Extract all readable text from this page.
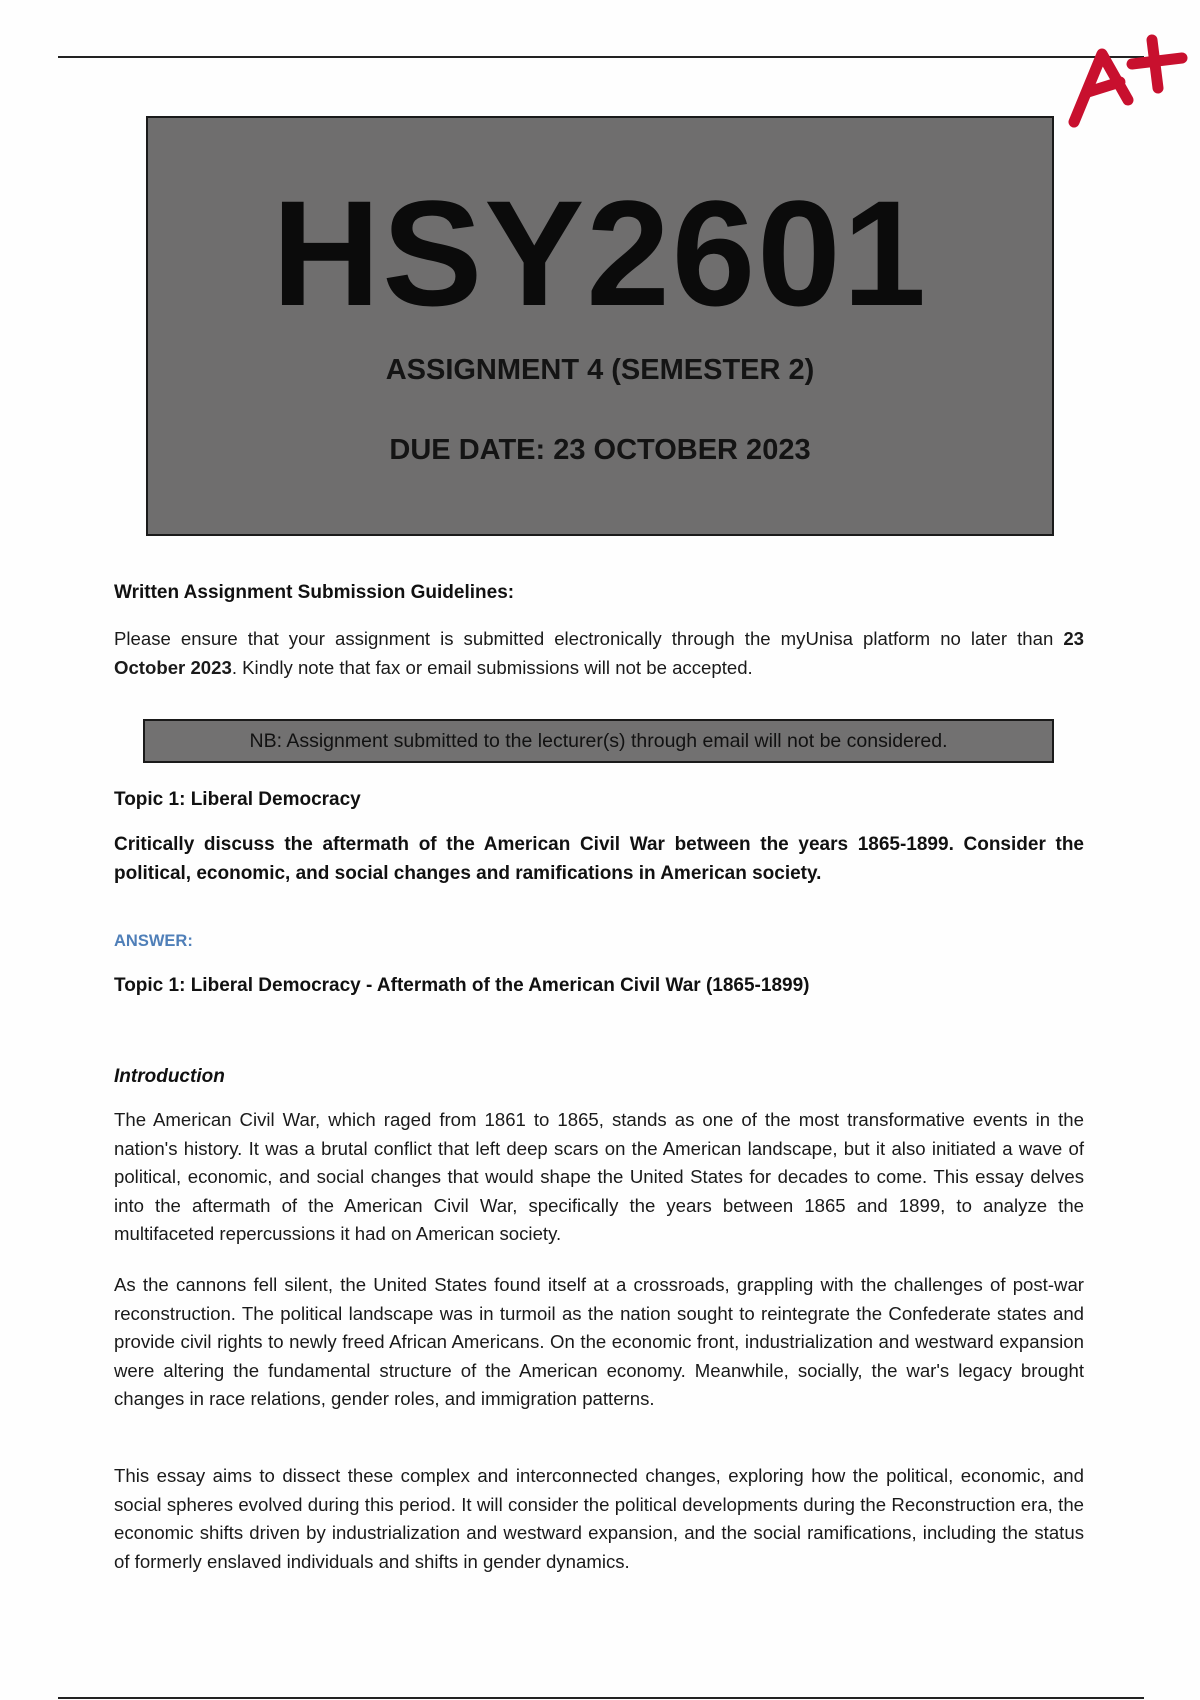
HSY2601
ASSIGNMENT 4 (SEMESTER 2)
DUE DATE: 23 OCTOBER 2023
Written Assignment Submission Guidelines:
Please ensure that your assignment is submitted electronically through the myUnisa platform no later than 23 October 2023. Kindly note that fax or email submissions will not be accepted.
NB: Assignment submitted to the lecturer(s) through email will not be considered.
Topic 1: Liberal Democracy
Critically discuss the aftermath of the American Civil War between the years 1865-1899. Consider the political, economic, and social changes and ramifications in American society.
ANSWER:
Topic 1: Liberal Democracy - Aftermath of the American Civil War (1865-1899)
Introduction
The American Civil War, which raged from 1861 to 1865, stands as one of the most transformative events in the nation's history. It was a brutal conflict that left deep scars on the American landscape, but it also initiated a wave of political, economic, and social changes that would shape the United States for decades to come. This essay delves into the aftermath of the American Civil War, specifically the years between 1865 and 1899, to analyze the multifaceted repercussions it had on American society.
As the cannons fell silent, the United States found itself at a crossroads, grappling with the challenges of post-war reconstruction. The political landscape was in turmoil as the nation sought to reintegrate the Confederate states and provide civil rights to newly freed African Americans. On the economic front, industrialization and westward expansion were altering the fundamental structure of the American economy. Meanwhile, socially, the war's legacy brought changes in race relations, gender roles, and immigration patterns.
This essay aims to dissect these complex and interconnected changes, exploring how the political, economic, and social spheres evolved during this period. It will consider the political developments during the Reconstruction era, the economic shifts driven by industrialization and westward expansion, and the social ramifications, including the status of formerly enslaved individuals and shifts in gender dynamics.
